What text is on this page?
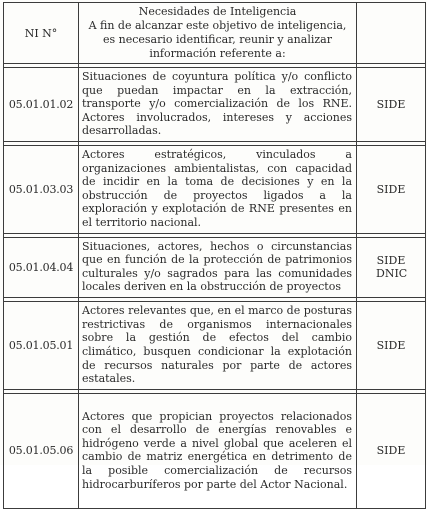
NI N°	Necesidades de Inteligencia
A fin de alcanzar este objetivo de inteligencia, es necesario identificar, reunir y analizar información referente a:	

05.01.01.02	Situaciones de coyuntura política y/o conflicto que puedan impactar en la extracción, transporte y/o comercialización de los RNE. Actores involucrados, intereses y acciones desarrolladas.	SIDE

05.01.03.03	Actores estratégicos, vinculados a organizaciones ambientalistas, con capacidad de incidir en la toma de decisiones y en la obstrucción de proyectos ligados a la exploración y explotación de RNE presentes en el territorio nacional.	SIDE

05.01.04.04	Situaciones, actores, hechos o circunstancias que en función de la protección de patrimonios culturales y/o sagrados para las comunidades locales deriven en la obstrucción de proyectos	SIDE DNIC

05.01.05.01	Actores relevantes que, en el marco de posturas restrictivas de organismos internacionales sobre la gestión de efectos del cambio climático, busquen condicionar la explotación de recursos naturales por parte de actores estatales.	SIDE

05.01.05.06	Actores que propician proyectos relacionados con el desarrollo de energías renovables e hidrógeno verde a nivel global que aceleren el cambio de matriz energética en detrimento de la posible comercialización de recursos hidrocarburíferos por parte del Actor Nacional.	SIDE
